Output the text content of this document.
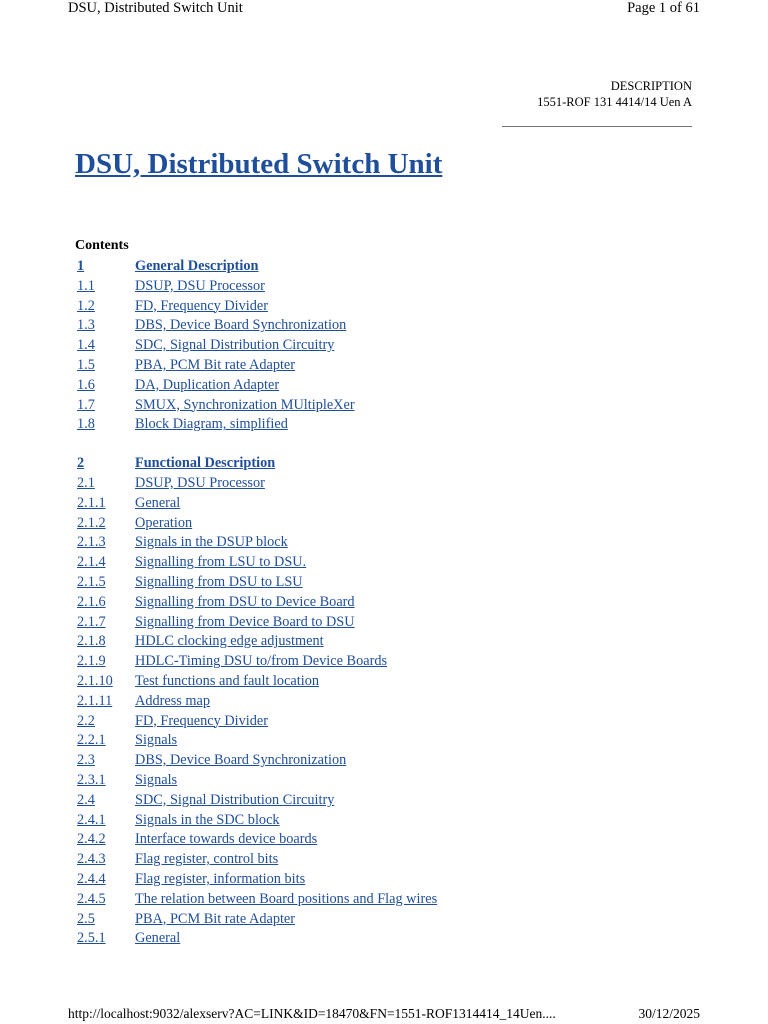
DSU, Distributed Switch Unit	Page 1 of 61
DESCRIPTION
1551-ROF 131 4414/14 Uen A
DSU, Distributed Switch Unit
Contents
1	General Description
1.1	DSUP, DSU Processor
1.2	FD, Frequency Divider
1.3	DBS, Device Board Synchronization
1.4	SDC, Signal Distribution Circuitry
1.5	PBA, PCM Bit rate Adapter
1.6	DA, Duplication Adapter
1.7	SMUX, Synchronization MUltipleXer
1.8	Block Diagram, simplified
2	Functional Description
2.1	DSUP, DSU Processor
2.1.1 General
2.1.2 Operation
2.1.3 Signals in the DSUP block
2.1.4 Signalling from LSU to DSU.
2.1.5 Signalling from DSU to LSU
2.1.6 Signalling from DSU to Device Board
2.1.7 Signalling from Device Board to DSU
2.1.8 HDLC clocking edge adjustment
2.1.9 HDLC-Timing DSU to/from Device Boards
2.1.10 Test functions and fault location
2.1.11 Address map
2.2	FD, Frequency Divider
2.2.1 Signals
2.3	DBS, Device Board Synchronization
2.3.1 Signals
2.4	SDC, Signal Distribution Circuitry
2.4.1 Signals in the SDC block
2.4.2 Interface towards device boards
2.4.3 Flag register, control bits
2.4.4 Flag register, information bits
2.4.5 The relation between Board positions and Flag wires
2.5	PBA, PCM Bit rate Adapter
2.5.1 General
http://localhost:9032/alexserv?AC=LINK&ID=18470&FN=1551-ROF1314414_14Uen....	30/12/2025
